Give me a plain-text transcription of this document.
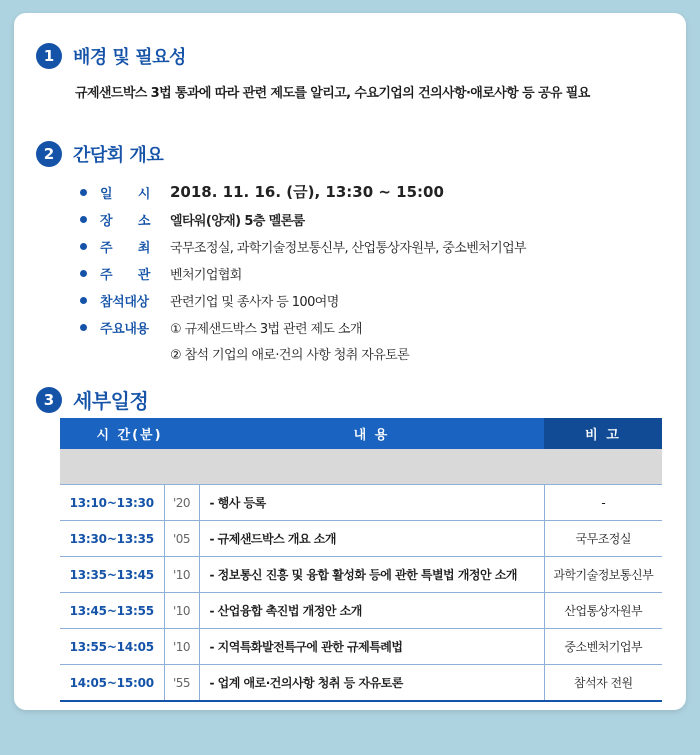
1	배경 및 필요성
규제샌드박스 3법 통과에 따라 관련 제도를 알리고, 수요기업의 건의사항·애로사항 등 공유 필요
2	간담회 개요
일 시 2018. 11. 16. (금), 13:30 ~ 15:00
장 소 엘타워(양재) 5층 멜론룸
주 최 국무조정실, 과학기술정보통신부, 산업통상자원부, 중소벤처기업부
주 관 벤처기업협회
참석대상	관련기업 및 종사자 등 100여명
주요내용	① 규제샌드박스 3법 관련 제도 소개
② 참석 기업의 애로·건의 사항 청취 자유토론
3 세부일정
시 간(분)		내 용	비 고

13:10~13:30	'20	- 행사 등록	-
13:30~13:35	'05	- 규제샌드박스 개요 소개	국무조정실
13:35~13:45	'10	- 정보통신 진흥 및 융합 활성화 등에 관한 특별법 개정안 소개	과학기술정보통신부
13:45~13:55	'10	- 산업융합 촉진법 개정안 소개	산업통상자원부
13:55~14:05	'10	- 지역특화발전특구에 관한 규제특례법	중소벤처기업부
14:05~15:00	'55	- 업계 애로·건의사항 청취 등 자유토론	참석자 전원
